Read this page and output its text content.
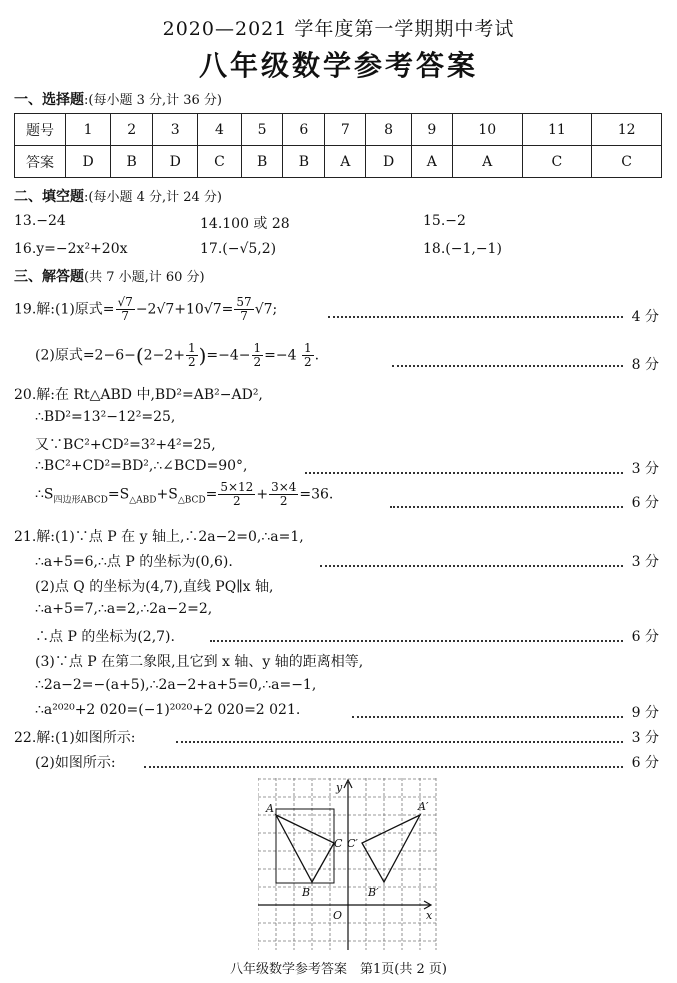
2020—2021 学年度第一学期期中考试
八年级数学参考答案
一、选择题:(每小题 3 分,计 36 分)
题号	1	2	3	4	5	6	7	8	9	10	11	12
答案	D	B	D	C	B	B	A	D	A	A	C	C
二、填空题:(每小题 4 分,计 24 分)
13.−24	14.100 或 28	15.−2
16.y=−2x²+20x	17.(−√5,2)	18.(−1,−1)
三、解答题(共 7 小题,计 60 分)
19.解:(1)原式= $\frac{√7}{7} -2√7+10√7= \frac{57}{7} √7$;	4 分
(2)原式$=2-6-(2-2+ \frac{1}{2} )=-4- \frac{1}{2} =-4 \frac{1}{2}$ .
8 分
20.解:在 Rt△ABD 中,BD²=AB²−AD²,
∴BD²=13²−12²=25,
又∵BC²+CD²=3²+4²=25,
∴BC²+CD²=BD²,∴∠BCD=90°,	3 分
$\therefore S_{四边形ABCD}=S_{\triangle ABD}+S_{\triangle BCD}= \frac{5\times 12}{2} + \frac{3\times 4}{2} =36$.
6 分
21.解:(1)∵点 P 在 y 轴上,∴2a−2=0,∴a=1,
∴a+5=6,∴点 P 的坐标为(0,6).	3 分
(2)点 Q 的坐标为(4,7),直线 PQ∥x 轴,
∴a+5=7,∴a=2,∴2a−2=2,
∴点 P 的坐标为(2,7).	6 分
(3)∵点 P 在第二象限,且它到 x 轴、y 轴的距离相等,
∴2a−2=−(a+5),∴2a−2+a+5=0,∴a=−1,
∴a²⁰²⁰+2 020=(−1)²⁰²⁰+2 020=2 021.	9 分
22.解:(1)如图所示:	3 分
(2)如图所示:	6 分
A
B
C
A′
B′
C′
O	x
y
八年级数学参考答案　第1页(共 2 页)
